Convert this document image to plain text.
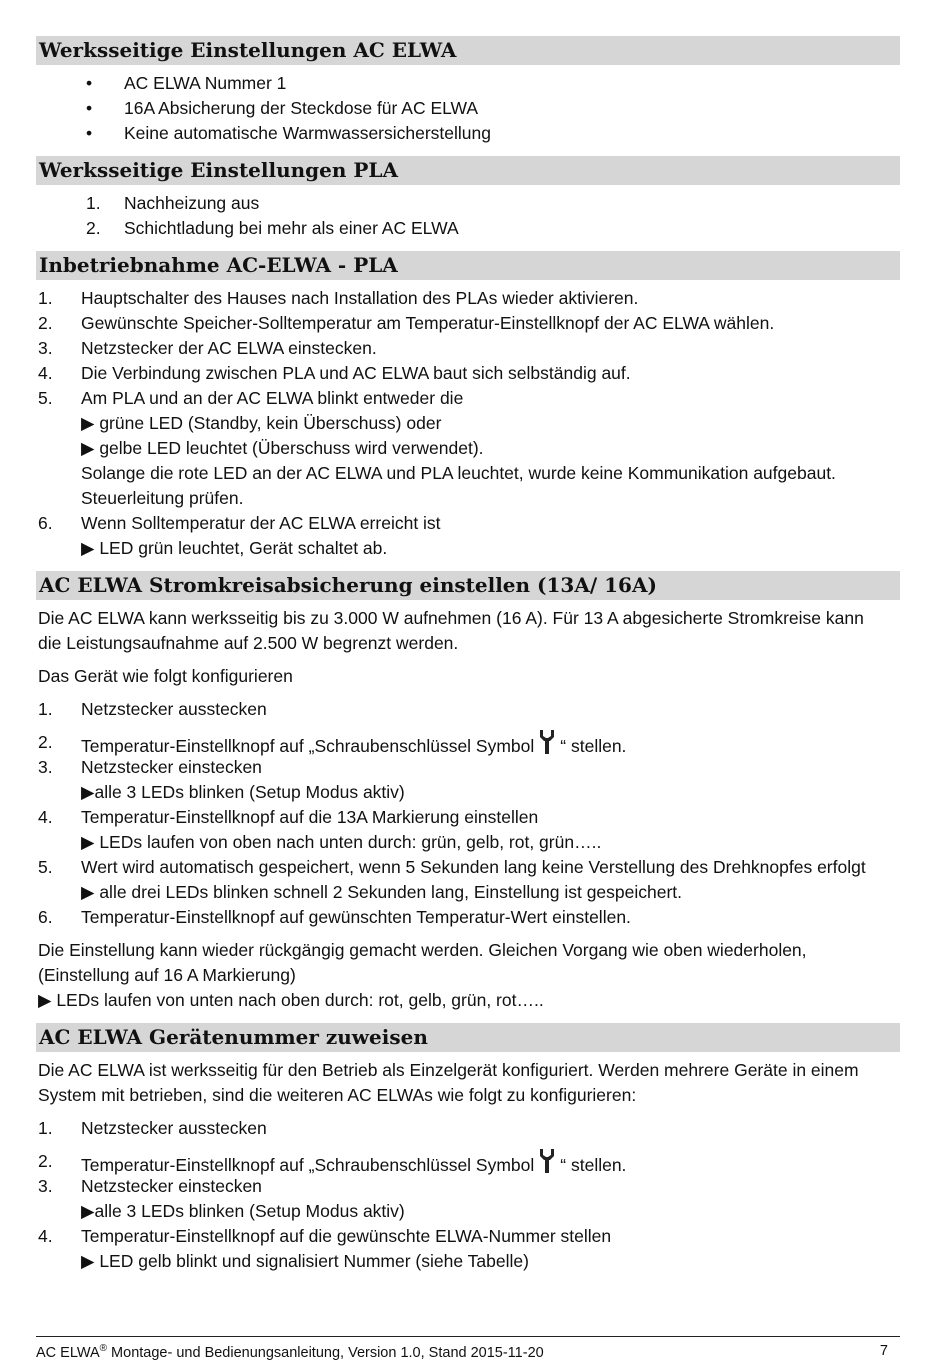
Werksseitige Einstellungen AC ELWA
• AC ELWA Nummer 1
• 16A Absicherung der Steckdose für AC ELWA
• Keine automatische Warmwassersicherstellung
Werksseitige Einstellungen PLA
1. Nachheizung aus
2. Schichtladung bei mehr als einer AC ELWA
Inbetriebnahme AC-ELWA - PLA
1. Hauptschalter des Hauses nach Installation des PLAs wieder aktivieren.
2. Gewünschte Speicher-Solltemperatur am Temperatur-Einstellknopf der AC ELWA wählen.
3. Netzstecker der AC ELWA einstecken.
4. Die Verbindung zwischen PLA und AC ELWA baut sich selbständig auf.
5. Am PLA und an der AC ELWA blinkt entweder die
▶ grüne LED (Standby, kein Überschuss) oder
▶ gelbe LED leuchtet (Überschuss wird verwendet).
Solange die rote LED an der AC ELWA und PLA leuchtet, wurde keine Kommunikation aufgebaut.
Steuerleitung prüfen.
6. Wenn Solltemperatur der AC ELWA erreicht ist
▶ LED grün leuchtet, Gerät schaltet ab.
AC ELWA Stromkreisabsicherung einstellen (13A/ 16A)
Die AC ELWA kann werksseitig bis zu 3.000 W aufnehmen (16 A). Für 13 A abgesicherte Stromkreise kann
die Leistungsaufnahme auf 2.500 W begrenzt werden.
Das Gerät wie folgt konfigurieren
1. Netzstecker ausstecken
2. Temperatur-Einstellknopf auf „Schraubenschlüssel Symbol “ stellen.
3. Netzstecker einstecken
▶alle 3 LEDs blinken (Setup Modus aktiv)
4. Temperatur-Einstellknopf auf die 13A Markierung einstellen
▶ LEDs laufen von oben nach unten durch: grün, gelb, rot, grün…..
5. Wert wird automatisch gespeichert, wenn 5 Sekunden lang keine Verstellung des Drehknopfes erfolgt
▶ alle drei LEDs blinken schnell 2 Sekunden lang, Einstellung ist gespeichert.
6. Temperatur-Einstellknopf auf gewünschten Temperatur-Wert einstellen.
Die Einstellung kann wieder rückgängig gemacht werden. Gleichen Vorgang wie oben wiederholen,
(Einstellung auf 16 A Markierung)
▶ LEDs laufen von unten nach oben durch: rot, gelb, grün, rot…..
AC ELWA Gerätenummer zuweisen
Die AC ELWA ist werksseitig für den Betrieb als Einzelgerät konfiguriert. Werden mehrere Geräte in einem
System mit betrieben, sind die weiteren AC ELWAs wie folgt zu konfigurieren:
1. Netzstecker ausstecken
2. Temperatur-Einstellknopf auf „Schraubenschlüssel Symbol “ stellen.
3. Netzstecker einstecken
▶alle 3 LEDs blinken (Setup Modus aktiv)
4. Temperatur-Einstellknopf auf die gewünschte ELWA-Nummer stellen
▶ LED gelb blinkt und signalisiert Nummer (siehe Tabelle)
AC ELWA® Montage- und Bedienungsanleitung, Version 1.0, Stand 2015-11-20	7
